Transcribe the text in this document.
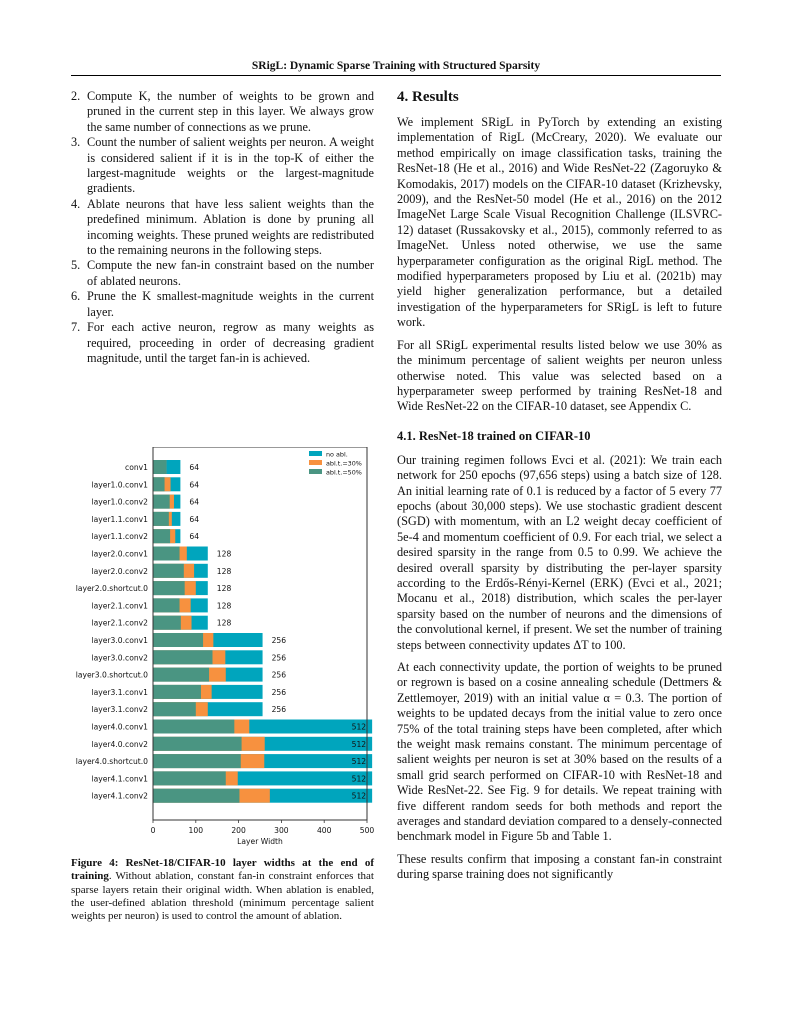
SRigL: Dynamic Sparse Training with Structured Sparsity
2. Compute K, the number of weights to be grown and pruned in the current step in this layer. We always grow the same number of connections as we prune.
3. Count the number of salient weights per neuron. A weight is considered salient if it is in the top-K of either the largest-magnitude weights or the largest-magnitude gradients.
4. Ablate neurons that have less salient weights than the predefined minimum. Ablation is done by pruning all incoming weights. These pruned weights are redistributed to the remaining neurons in the following steps.
5. Compute the new fan-in constraint based on the number of ablated neurons.
6. Prune the K smallest-magnitude weights in the current layer.
7. For each active neuron, regrow as many weights as required, proceeding in order of decreasing gradient magnitude, until the target fan-in is achieved.
conv1	64
layer1.0.conv1	64
layer1.0.conv2	64
layer1.1.conv1	64
layer1.1.conv2	64
layer2.0.conv1	128
layer2.0.conv2	128
layer2.0.shortcut.0	128
layer2.1.conv1	128
layer2.1.conv2	128
layer3.0.conv1	256
layer3.0.conv2	256
layer3.0.shortcut.0	256
layer3.1.conv1	256
layer3.1.conv2	256
layer4.0.conv1	512
layer4.0.conv2	512
layer4.0.shortcut.0	512
layer4.1.conv1	512
layer4.1.conv2	512
0	100	200	300	400	500
Layer Width
no abl.
abl.t.=30%
abl.t.=50%
Figure 4: ResNet-18/CIFAR-10 layer widths at the end of training. Without ablation, constant fan-in constraint enforces that sparse layers retain their original width. When ablation is enabled, the user-defined ablation threshold (minimum percentage salient weights per neuron) is used to control the amount of ablation.
4. Results

We implement SRigL in PyTorch by extending an existing implementation of RigL (McCreary, 2020). We evaluate our method empirically on image classification tasks, training the ResNet-18 (He et al., 2016) and Wide ResNet-22 (Zagoruyko & Komodakis, 2017) models on the CIFAR-10 dataset (Krizhevsky, 2009), and the ResNet-50 model (He et al., 2016) on the 2012 ImageNet Large Scale Visual Recognition Challenge (ILSVRC-12) dataset (Russakovsky et al., 2015), commonly referred to as ImageNet. Unless noted otherwise, we use the same hyperparameter configuration as the original RigL method. The modified hyperparameters proposed by Liu et al. (2021b) may yield higher generalization performance, but a detailed investigation of the hyperparameters for SRigL is left to future work.

For all SRigL experimental results listed below we use 30% as the minimum percentage of salient weights per neuron unless otherwise noted. This value was selected based on a hyperparameter sweep performed by training ResNet-18 and Wide ResNet-22 on the CIFAR-10 dataset, see Appendix C.

4.1. ResNet-18 trained on CIFAR-10

Our training regimen follows Evci et al. (2021): We train each network for 250 epochs (97,656 steps) using a batch size of 128. An initial learning rate of 0.1 is reduced by a factor of 5 every 77 epochs (about 30,000 steps). We use stochastic gradient descent (SGD) with momentum, with an L2 weight decay coefficient of 5e-4 and momentum coefficient of 0.9. For each trial, we select a desired sparsity in the range from 0.5 to 0.99. We achieve the desired overall sparsity by distributing the per-layer sparsity according to the Erdős-Rényi-Kernel (ERK) (Evci et al., 2021; Mocanu et al., 2018) distribution, which scales the per-layer sparsity based on the number of neurons and the dimensions of the convolutional kernel, if present. We set the number of training steps between connectivity updates ΔT to 100.

At each connectivity update, the portion of weights to be pruned or regrown is based on a cosine annealing schedule (Dettmers & Zettlemoyer, 2019) with an initial value α = 0.3. The portion of weights to be updated decays from the initial value to zero once 75% of the total training steps have been completed, after which the weight mask remains constant. The minimum percentage of salient weights per neuron is set at 30% based on the results of a small grid search performed on CIFAR-10 with ResNet-18 and Wide ResNet-22. See Fig. 9 for details. We repeat training with five different random seeds for both methods and report the averages and standard deviation compared to a densely-connected benchmark model in Figure 5b and Table 1.

These results confirm that imposing a constant fan-in constraint during sparse training does not significantly
